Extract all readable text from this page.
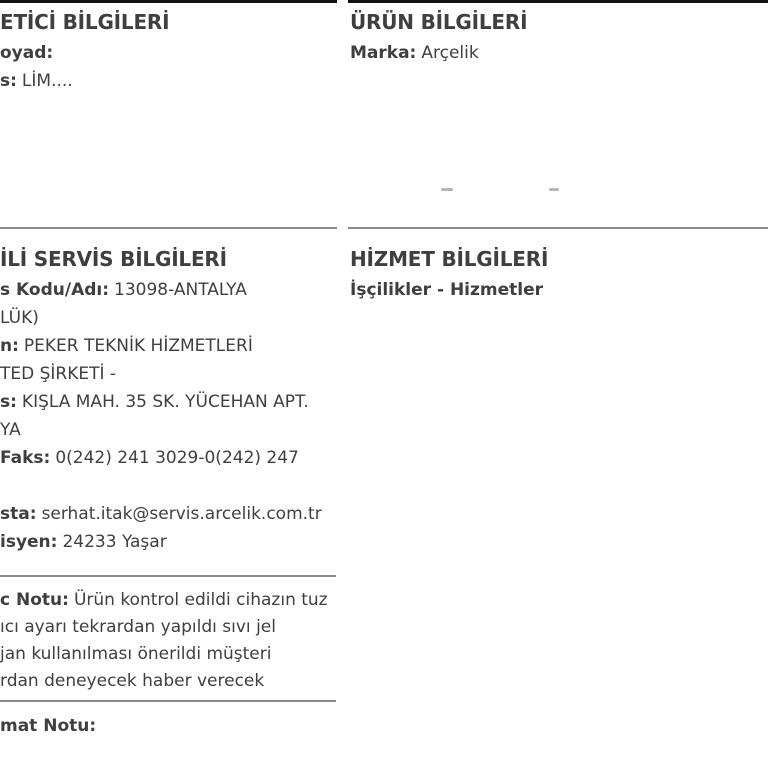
ETİCİ BİLGİLERİ
oyad:
s: LİM....
ÜRÜN BİLGİLERİ
Marka: Arçelik
İLİ SERVİS BİLGİLERİ
s Kodu/Adı: 13098-ANTALYA
LÜK)
n: PEKER TEKNİK HİZMETLERİ
TED ŞİRKETİ -
s: KIŞLA MAH. 35 SK. YÜCEHAN APT.
YA
Faks: 0(242) 241 3029-0(242) 247
sta: serhat.itak@servis.arcelik.com.tr
isyen: 24233 Yaşar
HİZMET BİLGİLERİ
İşçilikler - Hizmetler
c Notu: Ürün kontrol edildi cihazın tuz
ıcı ayarı tekrardan yapıldı sıvı jel
jan kullanılması önerildi müşteri
rdan deneyecek haber verecek
mat Notu:
